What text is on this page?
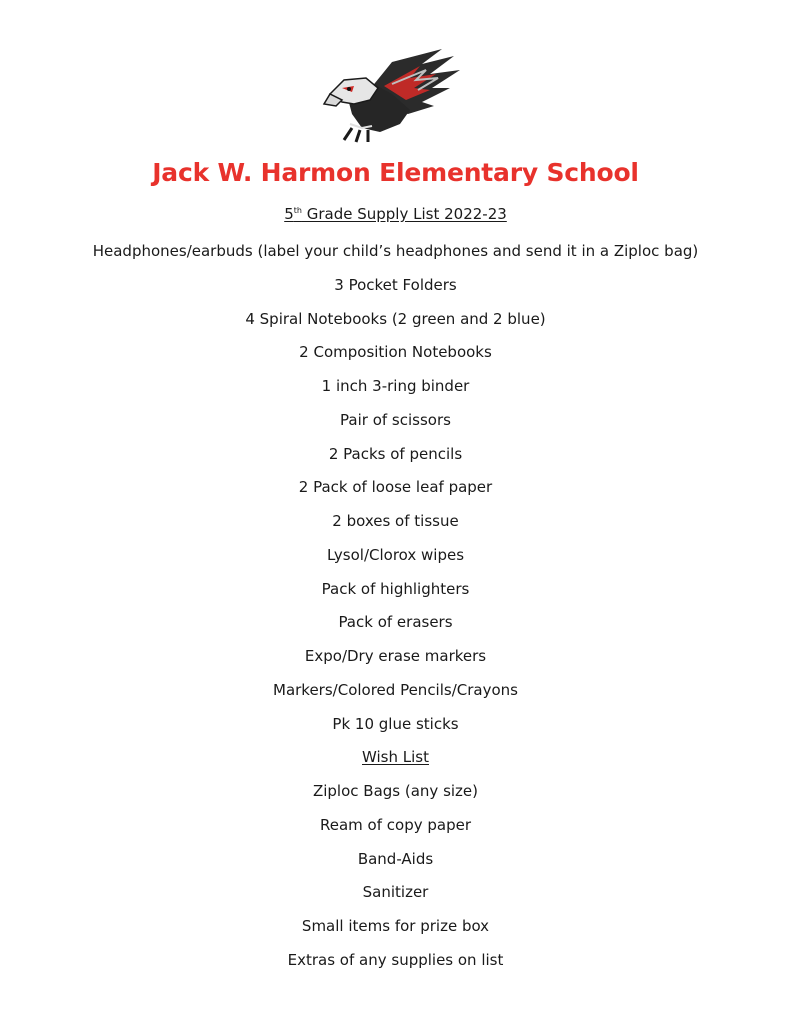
Jack W. Harmon Elementary School
5th Grade Supply List 2022-23
Headphones/earbuds (label your child’s headphones and send it in a Ziploc bag)
3 Pocket Folders
4 Spiral Notebooks (2 green and 2 blue)
2 Composition Notebooks
1 inch 3-ring binder
Pair of scissors
2 Packs of pencils
2 Pack of loose leaf paper
2 boxes of tissue
Lysol/Clorox wipes
Pack of highlighters
Pack of erasers
Expo/Dry erase markers
Markers/Colored Pencils/Crayons
Pk 10 glue sticks
Wish List
Ziploc Bags (any size)
Ream of copy paper
Band-Aids
Sanitizer
Small items for prize box
Extras of any supplies on list
